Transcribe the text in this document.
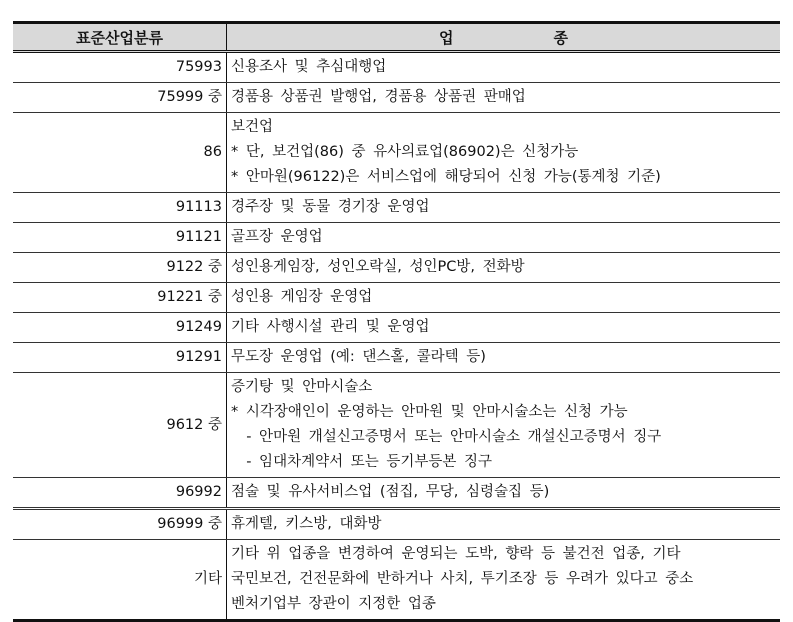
표준산업분류	업 종
75993	신용조사 및 추심대행업

75999 중	경품용 상품권 발행업, 경품용 상품권 판매업

86	보건업
* 단, 보건업(86) 중 유사의료업(86902)은 신청가능
* 안마원(96122)은 서비스업에 해당되어 신청 가능(통계청 기준)

91113	경주장 및 동물 경기장 운영업

91121	골프장 운영업

9122 중	성인용게임장, 성인오락실, 성인PC방, 전화방

91221 중	성인용 게임장 운영업

91249	기타 사행시설 관리 및 운영업

91291	무도장 운영업 (예: 댄스홀, 콜라텍 등)

9612 중	증기탕 및 안마시술소
* 시각장애인이 운영하는 안마원 및 안마시술소는 신청 가능
- 안마원 개설신고증명서 또는 안마시술소 개설신고증명서 징구
- 임대차계약서 또는 등기부등본 징구

96992	점술 및 유사서비스업 (점집, 무당, 심령술집 등)

96999 중	휴게텔, 키스방, 대화방

기타	기타 위 업종을 변경하여 운영되는 도박, 향락 등 불건전 업종, 기타
국민보건, 건전문화에 반하거나 사치, 투기조장 등 우려가 있다고 중소
벤처기업부 장관이 지정한 업종
